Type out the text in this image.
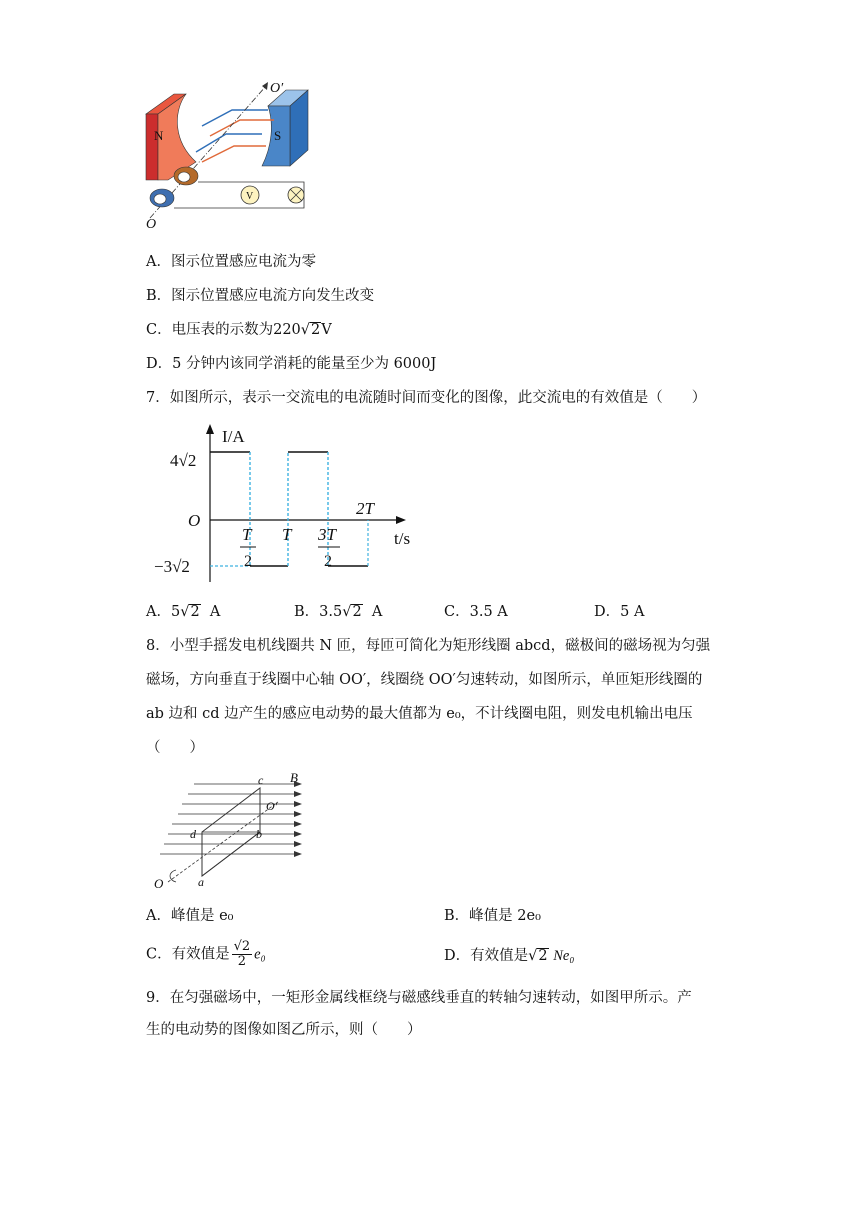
N	S
O
O′
V
A．图示位置感应电流为零
B．图示位置感应电流方向发生改变
C．电压表的示数为220√2V
D．5 分钟内该同学消耗的能量至少为 6000J
7．如图所示，表示一交流电的电流随时间而变化的图像，此交流电的有效值是（　　）
I/A
t/s
O
4√2
−3√2
T
2
T 3T
2
2T
A．5√2 A	B．3.5√2 A	C．3.5 A	D．5 A
8．小型手摇发电机线圈共 N 匝，每匝可简化为矩形线圈 abcd，磁极间的磁场视为匀强
磁场，方向垂直于线圈中心轴 OO′，线圈绕 OO′匀速转动，如图所示，单匝矩形线圈的
ab 边和 cd 边产生的感应电动势的最大值都为 e₀，不计线圈电阻，则发电机输出电压
（　　）
c B
O′
d	b
a
O
A．峰值是 e₀	B．峰值是 2e₀
C．有效值是 $\frac{√2}{2} e_0$	D．有效值是√2 Ne₀
9．在匀强磁场中，一矩形金属线框绕与磁感线垂直的转轴匀速转动，如图甲所示。产
生的电动势的图像如图乙所示，则（　　）
